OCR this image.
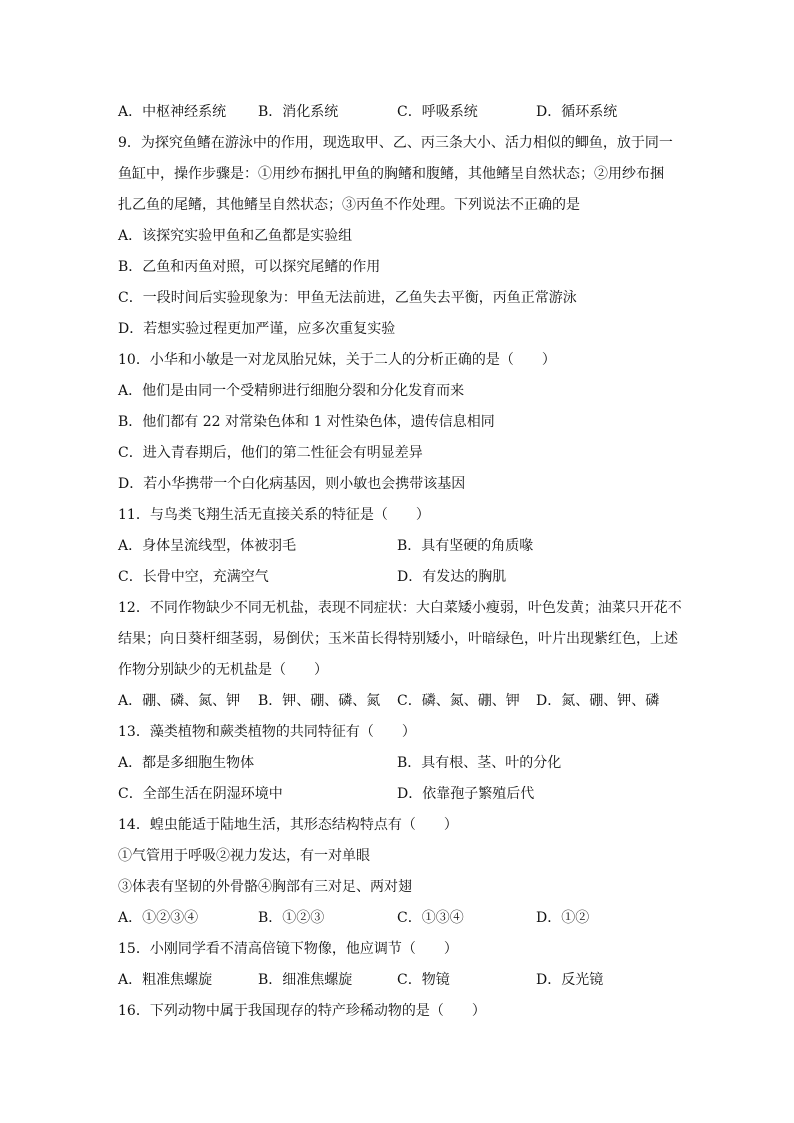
A．中枢神经系统 B．消化系统	C．呼吸系统	D．循环系统
9．为探究鱼鳍在游泳中的作用，现选取甲、乙、丙三条大小、活力相似的鲫鱼，放于同一
鱼缸中，操作步骤是：①用纱布捆扎甲鱼的胸鳍和腹鳍，其他鳍呈自然状态；②用纱布捆
扎乙鱼的尾鳍，其他鳍呈自然状态；③丙鱼不作处理。下列说法不正确的是
A．该探究实验甲鱼和乙鱼都是实验组
B．乙鱼和丙鱼对照，可以探究尾鳍的作用
C．一段时间后实验现象为：甲鱼无法前进，乙鱼失去平衡，丙鱼正常游泳
D．若想实验过程更加严谨，应多次重复实验
10．小华和小敏是一对龙凤胎兄妹，关于二人的分析正确的是（　　）
A．他们是由同一个受精卵进行细胞分裂和分化发育而来
B．他们都有 22 对常染色体和 1 对性染色体，遗传信息相同
C．进入青春期后，他们的第二性征会有明显差异
D．若小华携带一个白化病基因，则小敏也会携带该基因
11．与鸟类飞翔生活无直接关系的特征是（　　）
A．身体呈流线型，体被羽毛	B．具有坚硬的角质喙
C．长骨中空，充满空气	D．有发达的胸肌
12．不同作物缺少不同无机盐，表现不同症状：大白菜矮小瘦弱，叶色发黄；油菜只开花不
结果；向日葵杆细茎弱，易倒伏；玉米苗长得特别矮小，叶暗绿色，叶片出现紫红色，上述
作物分别缺少的无机盐是（　　）
A．硼、磷、氮、钾 B．钾、硼、磷、氮 C．磷、氮、硼、钾 D．氮、硼、钾、磷
13．藻类植物和蕨类植物的共同特征有（　　）
A．都是多细胞生物体	B．具有根、茎、叶的分化
C．全部生活在阴湿环境中	D．依靠孢子繁殖后代
14．蝗虫能适于陆地生活，其形态结构特点有（　　）
①气管用于呼吸②视力发达，有一对单眼
③体表有坚韧的外骨骼④胸部有三对足、两对翅
A．①②③④	B．①②③	C．①③④	D．①②
15．小刚同学看不清高倍镜下物像，他应调节（　　）
A．粗准焦螺旋	B．细准焦螺旋	C．物镜	D．反光镜
16．下列动物中属于我国现存的特产珍稀动物的是（　　）
